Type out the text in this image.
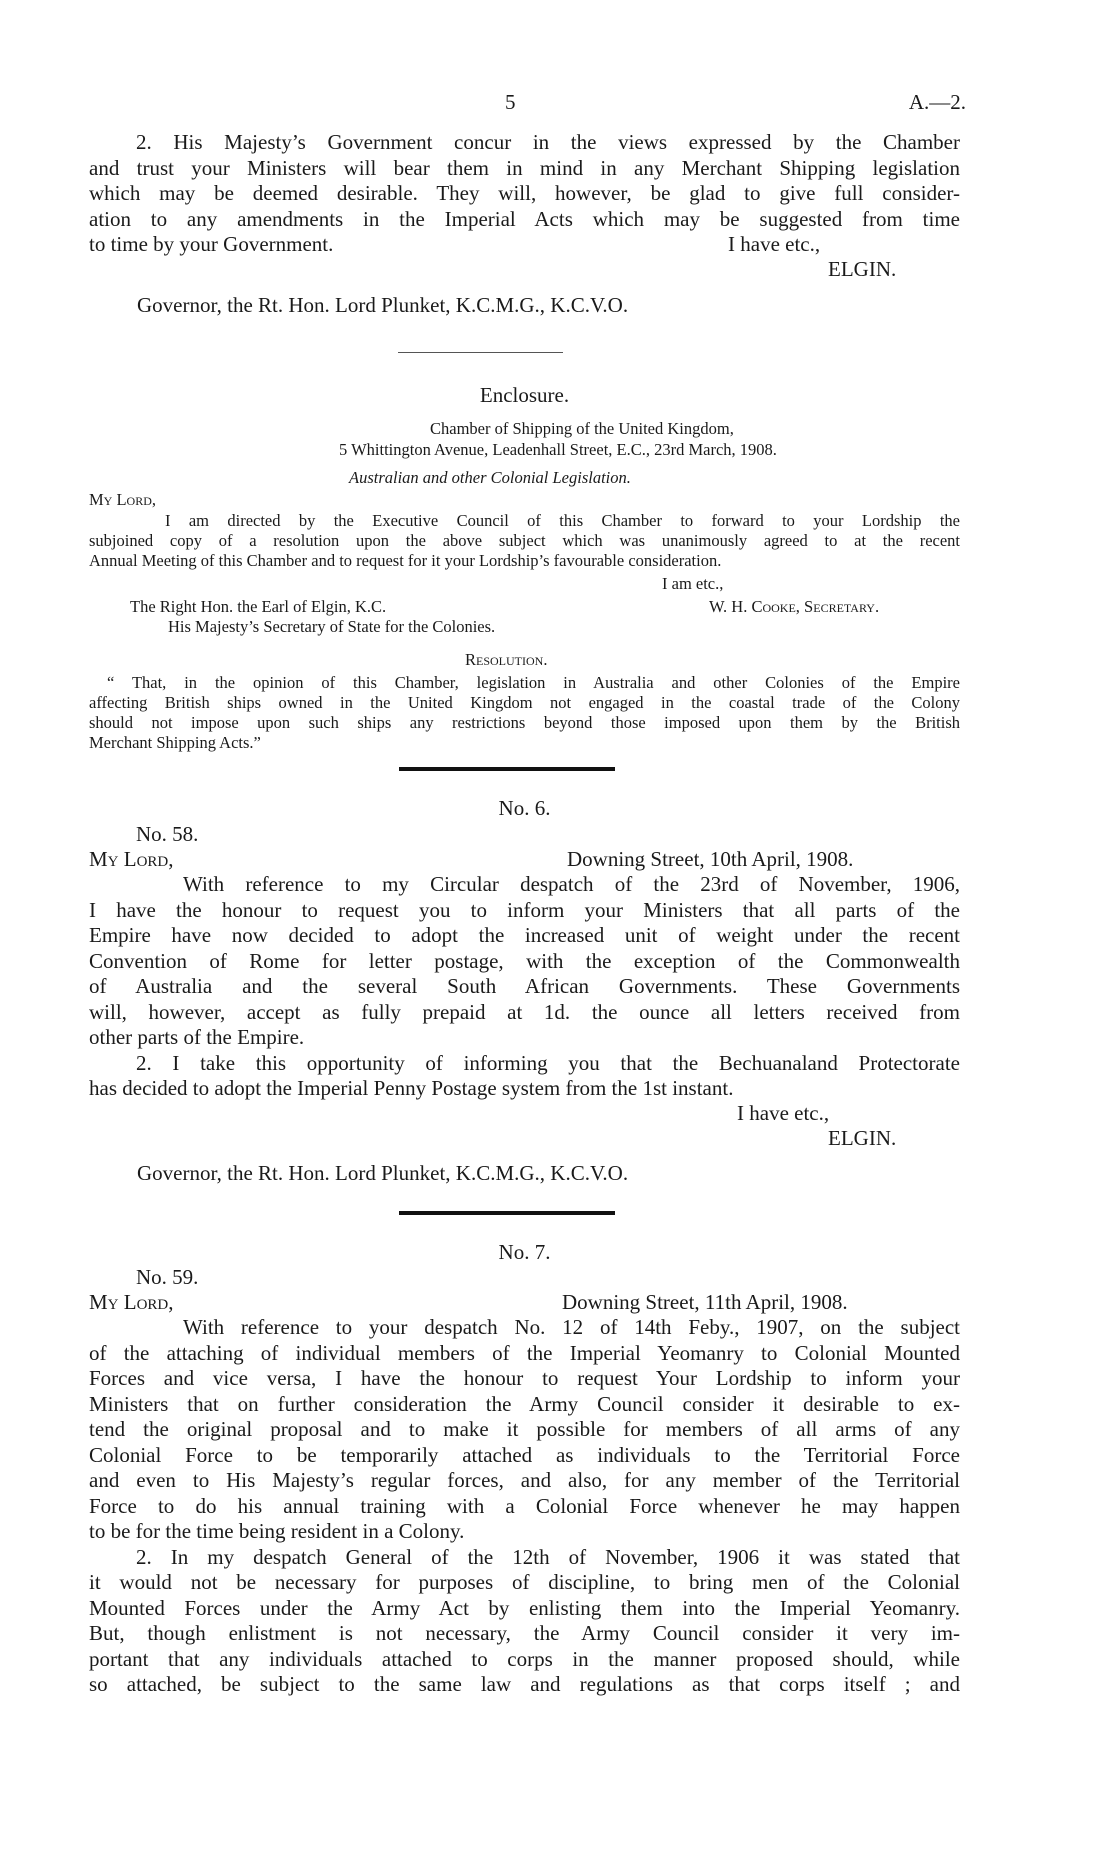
5	A.—2.
2. His Majesty’s Government concur in the views expressed by the Chamber
and trust your Ministers will bear them in mind in any Merchant Shipping legislation
which may be deemed desirable. They will, however, be glad to give full consider-
ation to any amendments in the Imperial Acts which may be suggested from time
to time by your Government.	I have etc.,
ELGIN.
Governor, the Rt. Hon. Lord Plunket, K.C.M.G., K.C.V.O.
Enclosure.
Chamber of Shipping of the United Kingdom,
5 Whittington Avenue, Leadenhall Street, E.C., 23rd March, 1908.
Australian and other Colonial Legislation.
My Lord,
I am directed by the Executive Council of this Chamber to forward to your Lordship the
subjoined copy of a resolution upon the above subject which was unanimously agreed to at the recent
Annual Meeting of this Chamber and to request for it your Lordship’s favourable consideration.
I am etc.,
The Right Hon. the Earl of Elgin, K.C.	W. H. Cooke, Secretary.
His Majesty’s Secretary of State for the Colonies.
Resolution.
“ That, in the opinion of this Chamber, legislation in Australia and other Colonies of the Empire
affecting British ships owned in the United Kingdom not engaged in the coastal trade of the Colony
should not impose upon such ships any restrictions beyond those imposed upon them by the British
Merchant Shipping Acts.”
No. 6.
No. 58.
My Lord,	Downing Street, 10th April, 1908.
With reference to my Circular despatch of the 23rd of November, 1906,
I have the honour to request you to inform your Ministers that all parts of the
Empire have now decided to adopt the increased unit of weight under the recent
Convention of Rome for letter postage, with the exception of the Commonwealth
of Australia and the several South African Governments. These Governments
will, however, accept as fully prepaid at 1d. the ounce all letters received from
other parts of the Empire.
2. I take this opportunity of informing you that the Bechuanaland Protectorate
has decided to adopt the Imperial Penny Postage system from the 1st instant.
I have etc.,
ELGIN.
Governor, the Rt. Hon. Lord Plunket, K.C.M.G., K.C.V.O.
No. 7.
No. 59.
My Lord,	Downing Street, 11th April, 1908.
With reference to your despatch No. 12 of 14th Feby., 1907, on the subject
of the attaching of individual members of the Imperial Yeomanry to Colonial Mounted
Forces and vice versa, I have the honour to request Your Lordship to inform your
Ministers that on further consideration the Army Council consider it desirable to ex-
tend the original proposal and to make it possible for members of all arms of any
Colonial Force to be temporarily attached as individuals to the Territorial Force
and even to His Majesty’s regular forces, and also, for any member of the Territorial
Force to do his annual training with a Colonial Force whenever he may happen
to be for the time being resident in a Colony.
2. In my despatch General of the 12th of November, 1906 it was stated that
it would not be necessary for purposes of discipline, to bring men of the Colonial
Mounted Forces under the Army Act by enlisting them into the Imperial Yeomanry.
But, though enlistment is not necessary, the Army Council consider it very im-
portant that any individuals attached to corps in the manner proposed should, while
so attached, be subject to the same law and regulations as that corps itself ; and
